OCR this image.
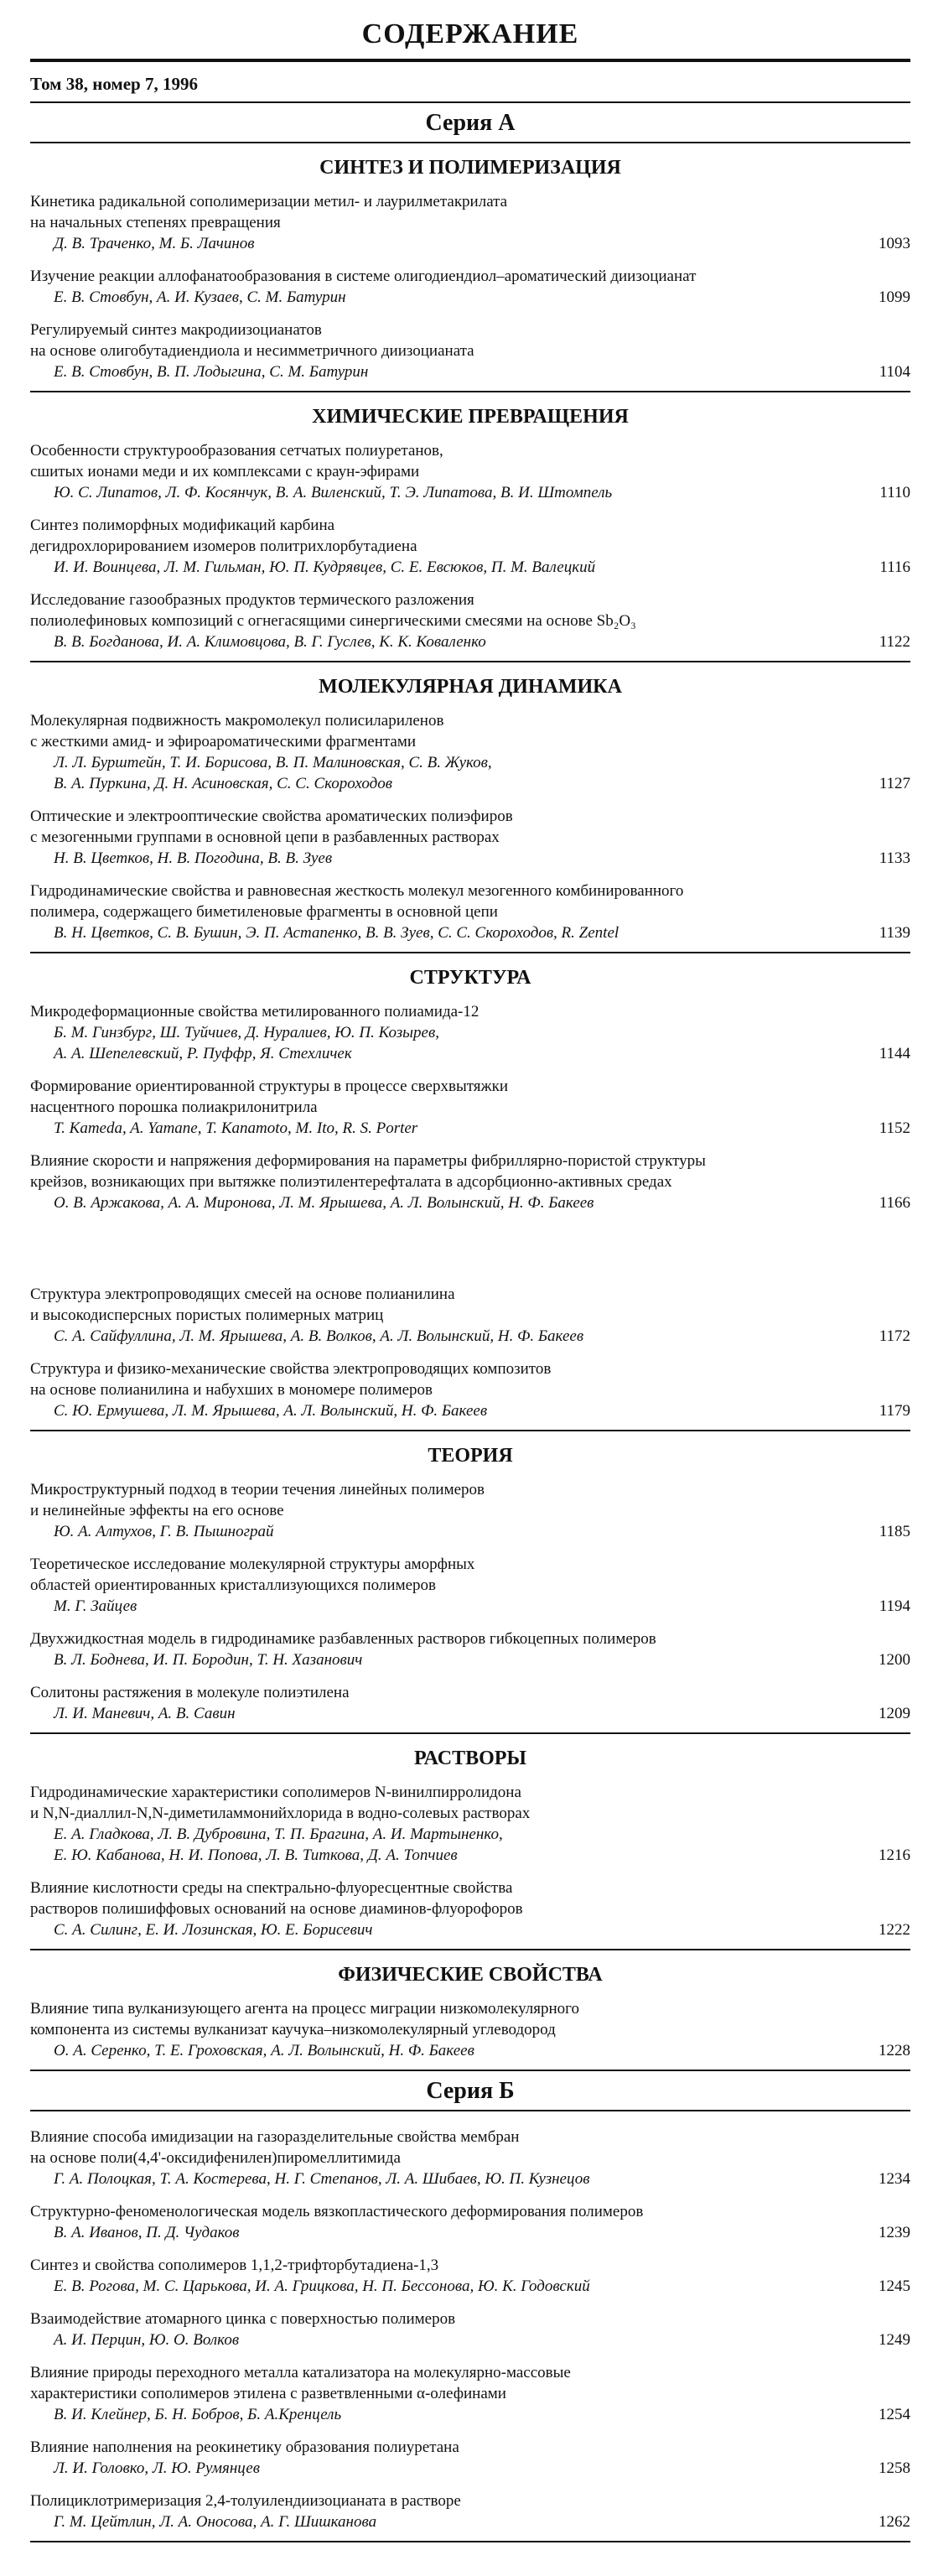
СОДЕРЖАНИЕ
Том 38, номер 7, 1996
Серия А
СИНТЕЗ И ПОЛИМЕРИЗАЦИЯ
Кинетика радикальной сополимеризации метил- и лаурилметакрилата
на начальных степенях превращения
Д. В. Траченко, М. Б. Лачинов	1093
Изучение реакции аллофанатообразования в системе олигодиендиол–ароматический диизоцианат
Е. В. Стовбун, А. И. Кузаев, С. М. Батурин	1099
Регулируемый синтез макродиизоцианатов
на основе олигобутадиендиола и несимметричного диизоцианата
Е. В. Стовбун, В. П. Лодыгина, С. М. Батурин	1104
ХИМИЧЕСКИЕ ПРЕВРАЩЕНИЯ
Особенности структурообразования сетчатых полиуретанов,
сшитых ионами меди и их комплексами с краун-эфирами
Ю. С. Липатов, Л. Ф. Косянчук, В. А. Виленский, Т. Э. Липатова, В. И. Штомпель	1110
Синтез полиморфных модификаций карбина
дегидрохлорированием изомеров политрихлорбутадиена
И. И. Воинцева, Л. М. Гильман, Ю. П. Кудрявцев, С. Е. Евсюков, П. М. Валецкий	1116
Исследование газообразных продуктов термического разложения
полиолефиновых композиций с огнегасящими синергическими смесями на основе Sb₂O₃
В. В. Богданова, И. А. Климовцова, В. Г. Гуслев, К. К. Коваленко	1122
МОЛЕКУЛЯРНАЯ ДИНАМИКА
Молекулярная подвижность макромолекул полисилариленов
с жесткими амид- и эфироароматическими фрагментами
Л. Л. Бурштейн, Т. И. Борисова, В. П. Малиновская, С. В. Жуков,
В. А. Пуркина, Д. Н. Асиновская, С. С. Скороходов	1127
Оптические и электрооптические свойства ароматических полиэфиров
с мезогенными группами в основной цепи в разбавленных растворах
Н. В. Цветков, Н. В. Погодина, В. В. Зуев	1133
Гидродинамические свойства и равновесная жесткость молекул мезогенного комбинированного
полимера, содержащего биметиленовые фрагменты в основной цепи
В. Н. Цветков, С. В. Бушин, Э. П. Астапенко, В. В. Зуев, С. С. Скороходов, R. Zentel	1139
СТРУКТУРА
Микродеформационные свойства метилированного полиамида-12
Б. М. Гинзбург, Ш. Туйчиев, Д. Нуралиев, Ю. П. Козырев,
А. А. Шепелевский, Р. Пуффр, Я. Стехличек	1144
Формирование ориентированной структуры в процессе сверхвытяжки
насцентного порошка полиакрилонитрила
T. Kameda, A. Yamane, T. Kanamoto, M. Ito, R. S. Porter	1152
Влияние скорости и напряжения деформирования на параметры фибриллярно-пористой структуры
крейзов, возникающих при вытяжке полиэтилентерефталата в адсорбционно-активных средах
О. В. Аржакова, А. А. Миронова, Л. М. Ярышева, А. Л. Волынский, Н. Ф. Бакеев	1166
Структура электропроводящих смесей на основе полианилина
и высокодисперсных пористых полимерных матриц
С. А. Сайфуллина, Л. М. Ярышева, А. В. Волков, А. Л. Волынский, Н. Ф. Бакеев	1172
Структура и физико-механические свойства электропроводящих композитов
на основе полианилина и набухших в мономере полимеров
С. Ю. Ермушева, Л. М. Ярышева, А. Л. Волынский, Н. Ф. Бакеев	1179
ТЕОРИЯ
Микроструктурный подход в теории течения линейных полимеров
и нелинейные эффекты на его основе
Ю. А. Алтухов, Г. В. Пышнограй	1185
Теоретическое исследование молекулярной структуры аморфных
областей ориентированных кристаллизующихся полимеров
М. Г. Зайцев	1194
Двухжидкостная модель в гидродинамике разбавленных растворов гибкоцепных полимеров
В. Л. Боднева, И. П. Бородин, Т. Н. Хазанович	1200
Солитоны растяжения в молекуле полиэтилена
Л. И. Маневич, А. В. Савин	1209
РАСТВОРЫ
Гидродинамические характеристики сополимеров N-винилпирролидона
и N,N-диаллил-N,N-диметиламмонийхлорида в водно-солевых растворах
Е. А. Гладкова, Л. В. Дубровина, Т. П. Брагина, А. И. Мартыненко,
Е. Ю. Кабанова, Н. И. Попова, Л. В. Титкова, Д. А. Топчиев	1216
Влияние кислотности среды на спектрально-флуоресцентные свойства
растворов полишиффовых оснований на основе диаминов-флуорофоров
С. А. Силинг, Е. И. Лозинская, Ю. Е. Борисевич	1222
ФИЗИЧЕСКИЕ СВОЙСТВА
Влияние типа вулканизующего агента на процесс миграции низкомолекулярного
компонента из системы вулканизат каучука–низкомолекулярный углеводород
О. А. Серенко, Т. Е. Гроховская, А. Л. Волынский, Н. Ф. Бакеев	1228
Серия Б
Влияние способа имидизации на газоразделительные свойства мембран
на основе поли(4,4'-оксидифенилен)пиромеллитимида
Г. А. Полоцкая, Т. А. Костерева, Н. Г. Степанов, Л. А. Шибаев, Ю. П. Кузнецов	1234
Структурно-феноменологическая модель вязкопластического деформирования полимеров
В. А. Иванов, П. Д. Чудаков	1239
Синтез и свойства сополимеров 1,1,2-трифторбутадиена-1,3
Е. В. Рогова, М. С. Царькова, И. А. Грицкова, Н. П. Бессонова, Ю. К. Годовский	1245
Взаимодействие атомарного цинка с поверхностью полимеров
А. И. Перцин, Ю. О. Волков	1249
Влияние природы переходного металла катализатора на молекулярно-массовые
характеристики сополимеров этилена с разветвленными α-олефинами
В. И. Клейнер, Б. Н. Бобров, Б. А.Кренцель	1254
Влияние наполнения на реокинетику образования полиуретана
Л. И. Головко, Л. Ю. Румянцев	1258
Полициклотримеризация 2,4-толуилендиизоцианата в растворе
Г. М. Цейтлин, Л. А. Оносова, А. Г. Шишканова	1262
